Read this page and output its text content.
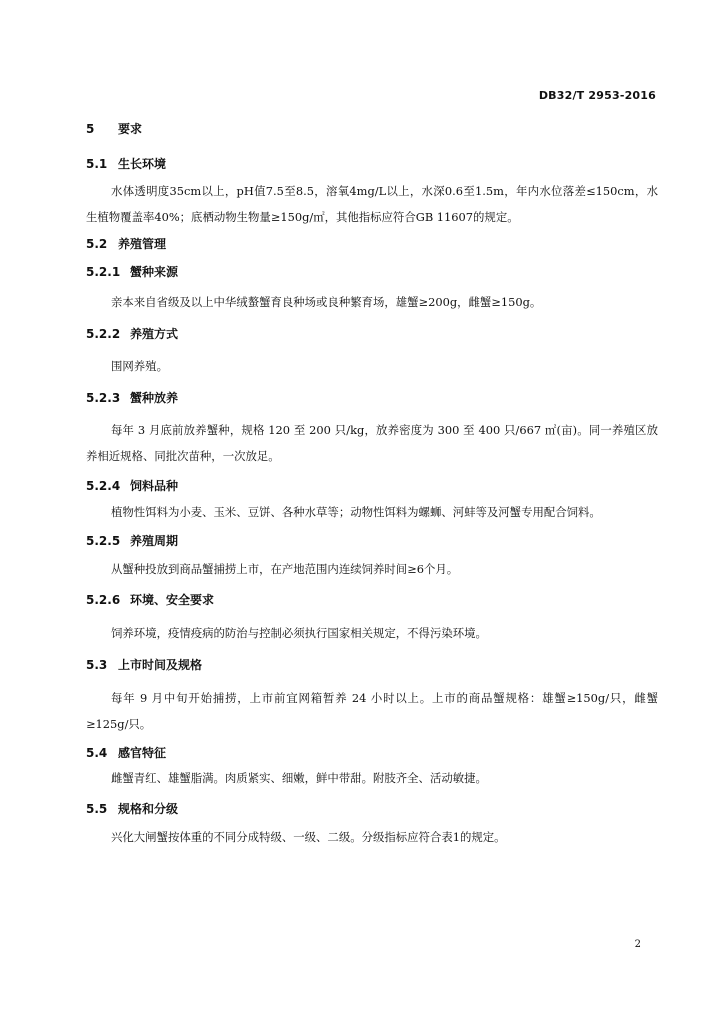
DB32/T 2953-2016
5 要求
5.1 生长环境

水体透明度35cm以上，pH值7.5至8.5，溶氧4mg/L以上，水深0.6至1.5m，年内水位落差≤150cm，水生植物覆盖率40%；底栖动物生物量≥150g/㎡，其他指标应符合GB 11607的规定。

5.2 养殖管理
5.2.1 蟹种来源

亲本来自省级及以上中华绒螯蟹育良种场或良种繁育场，雄蟹≥200g，雌蟹≥150g。

5.2.2 养殖方式

围网养殖。

5.2.3 蟹种放养

每年 3 月底前放养蟹种，规格 120 至 200 只/kg，放养密度为 300 至 400 只/667 ㎡(亩)。同一养殖区放养相近规格、同批次苗种，一次放足。

5.2.4 饲料品种

植物性饵料为小麦、玉米、豆饼、各种水草等；动物性饵料为螺蛳、河蚌等及河蟹专用配合饲料。

5.2.5 养殖周期

从蟹种投放到商品蟹捕捞上市，在产地范围内连续饲养时间≥6个月。

5.2.6 环境、安全要求

饲养环境，疫情疫病的防治与控制必须执行国家相关规定，不得污染环境。

5.3 上市时间及规格

每年 9 月中旬开始捕捞，上市前宜网箱暂养 24 小时以上。上市的商品蟹规格：雄蟹≥150g/只，雌蟹≥125g/只。

5.4 感官特征

雌蟹青红、雄蟹脂满。肉质紧实、细嫩，鲜中带甜。附肢齐全、活动敏捷。

5.5 规格和分级

兴化大闸蟹按体重的不同分成特级、一级、二级。分级指标应符合表1的规定。

2
